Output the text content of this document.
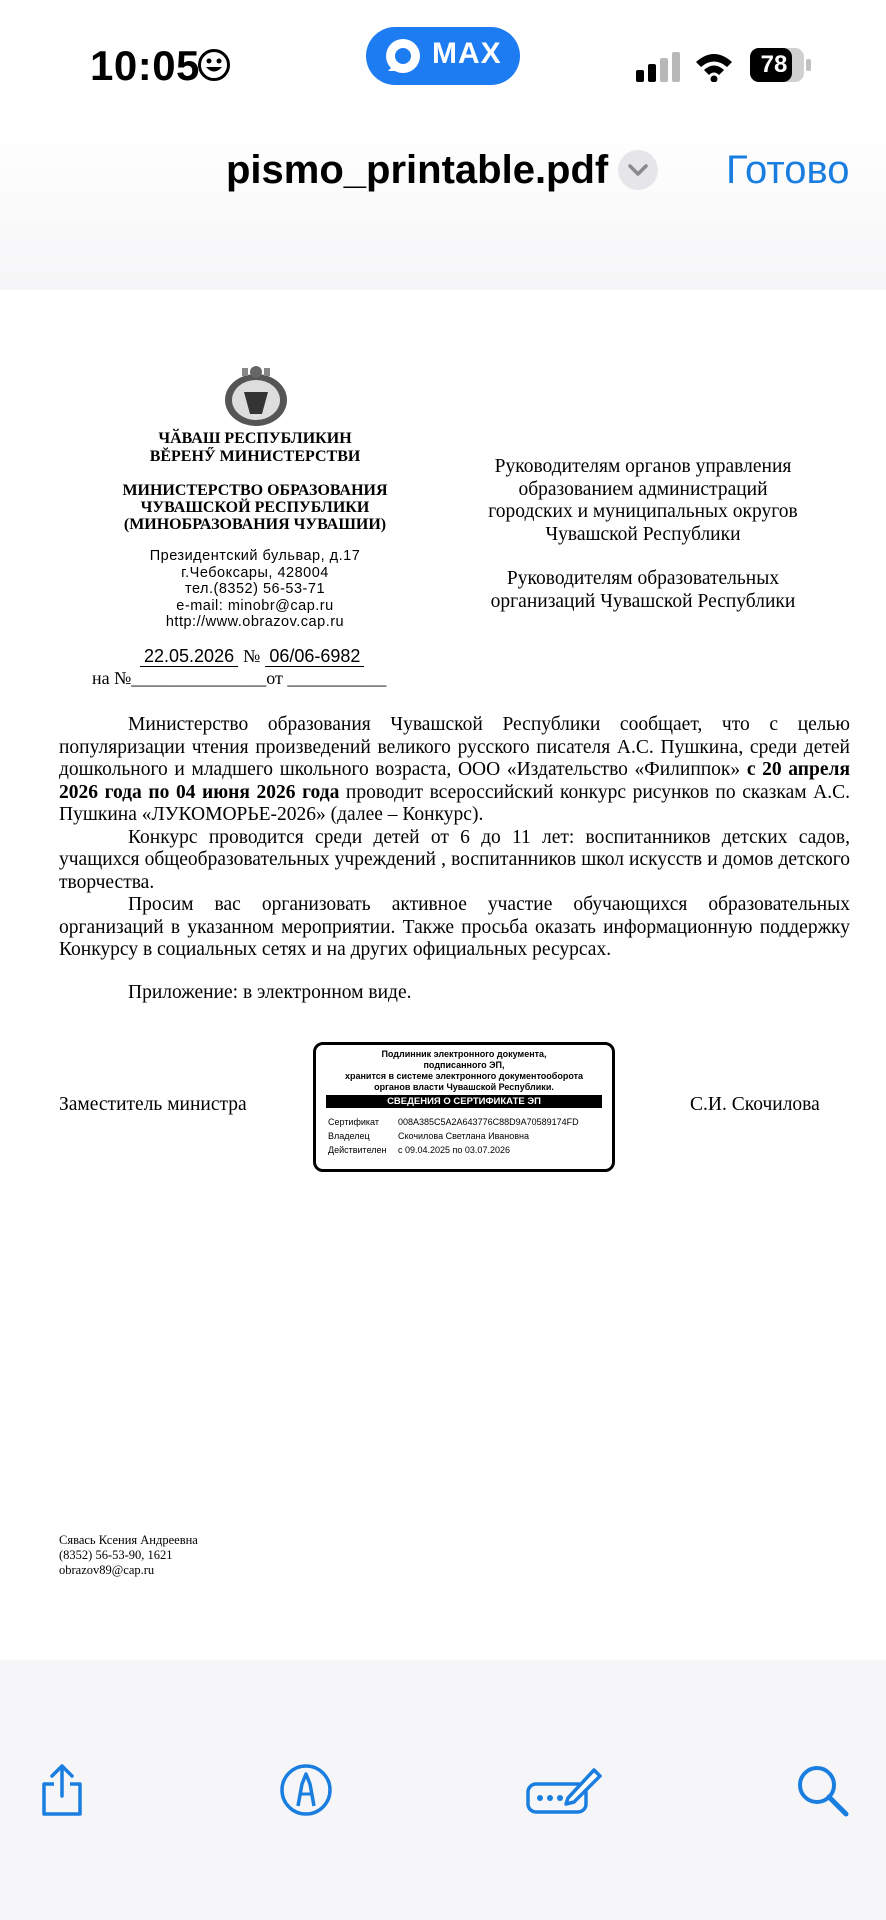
10:05	MAX	78
pismo_printable.pdf	Готово
ЧӐВАШ РЕСПУБЛИКИН
ВĔРЕНӲ МИНИСТЕРСТВИ
МИНИСТЕРСТВО ОБРАЗОВАНИЯ
ЧУВАШСКОЙ РЕСПУБЛИКИ
(МИНОБРАЗОВАНИЯ ЧУВАШИИ)
Президентский бульвар, д.17
г.Чебоксары, 428004
тел.(8352) 56-53-71
e-mail: minobr@cap.ru
http://www.obrazov.cap.ru
22.05.2026 № 06/06-6982
на №_______________от ___________
Руководителям органов управления
образованием администраций
городских и муниципальных округов
Чувашской Республики
Руководителям образовательных
организаций Чувашской Республики

Министерство образования Чувашской Республики сообщает, что с целью популяризации чтения произведений великого русского писателя А.С. Пушкина, среди детей дошкольного и младшего школьного возраста, ООО «Издательство «Филиппок» с 20 апреля 2026 года по 04 июня 2026 года проводит всероссийский конкурс рисунков по сказкам А.С. Пушкина «ЛУКОМОРЬЕ-2026» (далее – Конкурс).

Конкурс проводится среди детей от 6 до 11 лет: воспитанников детских садов, учащихся общеобразовательных учреждений , воспитанников школ искусств и домов детского творчества.

Просим вас организовать активное участие обучающихся образовательных организаций в указанном мероприятии. Также просьба оказать информационную поддержку Конкурсу в социальных сетях и на других официальных ресурсах.

Приложение: в электронном виде.
Заместитель министра
Подлинник электронного документа,
подписанного ЭП,
хранится в системе электронного документооборота
органов власти Чувашской Республики.
СВЕДЕНИЯ О СЕРТИФИКАТЕ ЭП
Сертификат 008A385C5A2A643776C88D9A70589174FD
Владелец	Скочилова Светлана Ивановна
Действителен с 09.04.2025 по 03.07.2026
С.И. Скочилова
Сявась Ксения Андреевна
(8352) 56-53-90, 1621
obrazov89@cap.ru
